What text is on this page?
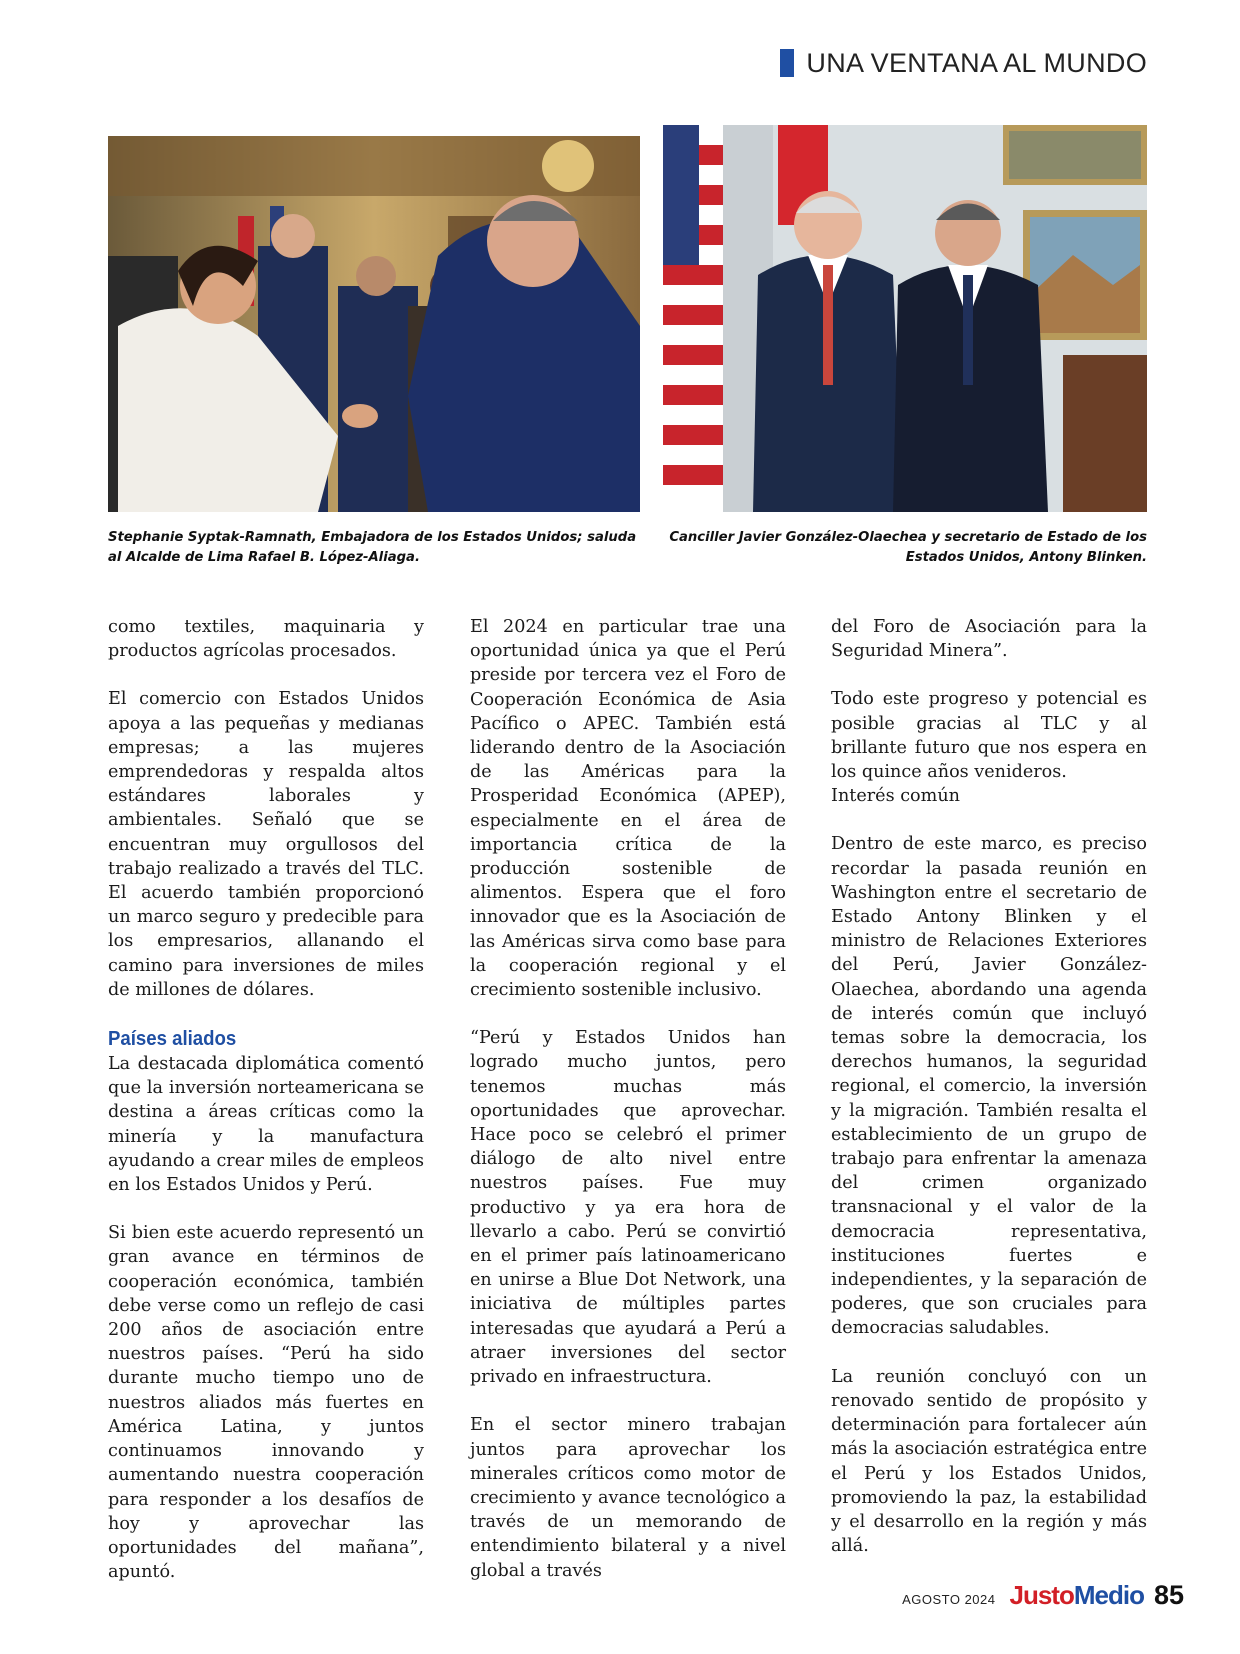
UNA VENTANA AL MUNDO
Stephanie Syptak-Ramnath, Embajadora de los Estados Unidos; saluda al Alcalde de Lima Rafael B. López-Aliaga.
Canciller Javier González-Olaechea y secretario de Estado de los Estados Unidos, Antony Blinken.

como textiles, maquinaria y productos agrícolas procesados.

El comercio con Estados Unidos apoya a las pequeñas y medianas empresas; a las mujeres emprendedoras y respalda altos estándares laborales y ambientales. Señaló que se encuentran muy orgullosos del trabajo realizado a través del TLC. El acuerdo también proporcionó un marco seguro y predecible para los empresarios, allanando el camino para inversiones de miles de millones de dólares.

Países aliados

La destacada diplomática comentó que la inversión norteamericana se destina a áreas críticas como la minería y la manufactura ayudando a crear miles de empleos en los Estados Unidos y Perú.

Si bien este acuerdo representó un gran avance en términos de cooperación económica, también debe verse como un reflejo de casi 200 años de asociación entre nuestros países. “Perú ha sido durante mucho tiempo uno de nuestros aliados más fuertes en América Latina, y juntos continuamos innovando y aumentando nuestra cooperación para responder a los desafíos de hoy y aprovechar las oportunidades del mañana”, apuntó.

El 2024 en particular trae una oportunidad única ya que el Perú preside por tercera vez el Foro de Cooperación Económica de Asia Pacífico o APEC. También está liderando dentro de la Asociación de las Américas para la Prosperidad Económica (APEP), especialmente en el área de importancia crítica de la producción sostenible de alimentos. Espera que el foro innovador que es la Asociación de las Américas sirva como base para la cooperación regional y el crecimiento sostenible inclusivo.

“Perú y Estados Unidos han logrado mucho juntos, pero tenemos muchas más oportunidades que aprovechar. Hace poco se celebró el primer diálogo de alto nivel entre nuestros países. Fue muy productivo y ya era hora de llevarlo a cabo. Perú se convirtió en el primer país latinoamericano en unirse a Blue Dot Network, una iniciativa de múltiples partes interesadas que ayudará a Perú a atraer inversiones del sector privado en infraestructura.

En el sector minero trabajan juntos para aprovechar los minerales críticos como motor de crecimiento y avance tecnológico a través de un memorando de entendimiento bilateral y a nivel global a través

del Foro de Asociación para la Seguridad Minera”.

Todo este progreso y potencial es posible gracias al TLC y al brillante futuro que nos espera en los quince años venideros.

Interés común

Dentro de este marco, es preciso recordar la pasada reunión en Washington entre el secretario de Estado Antony Blinken y el ministro de Relaciones Exteriores del Perú, Javier González-Olaechea, abordando una agenda de interés común que incluyó temas sobre la democracia, los derechos humanos, la seguridad regional, el comercio, la inversión y la migración. También resalta el establecimiento de un grupo de trabajo para enfrentar la amenaza del crimen organizado transnacional y el valor de la democracia representativa, instituciones fuertes e independientes, y la separación de poderes, que son cruciales para democracias saludables.

La reunión concluyó con un renovado sentido de propósito y determinación para fortalecer aún más la asociación estratégica entre el Perú y los Estados Unidos, promoviendo la paz, la estabilidad y el desarrollo en la región y más allá.

AGOSTO 2024 JustoMedio 85
